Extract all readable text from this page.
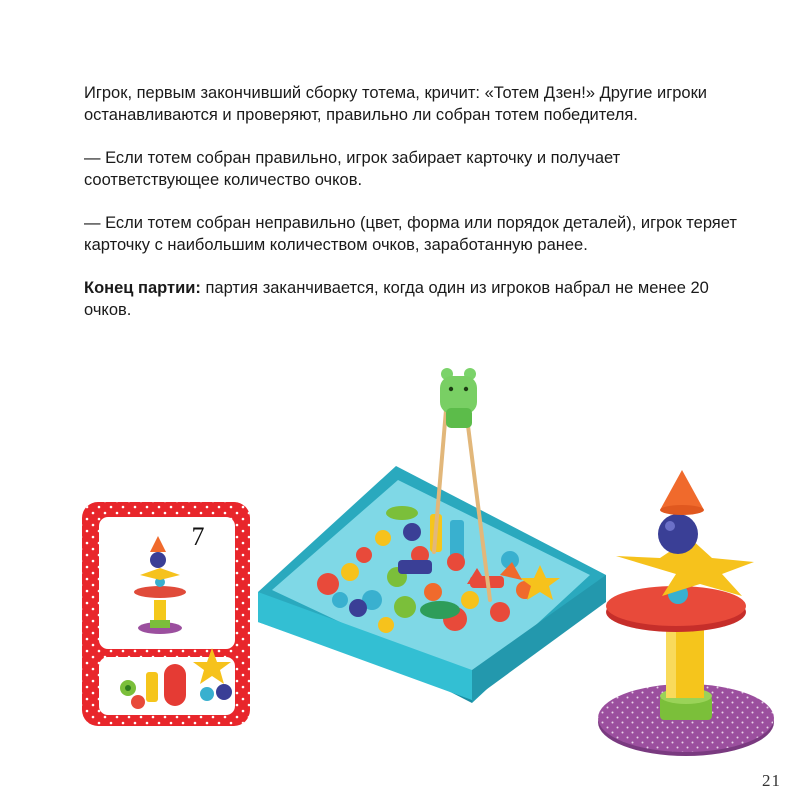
Игрок, первым закончивший сборку тотема, кричит: «Тотем Дзен!» Другие игроки останавливаются и проверяют, правильно ли собран тотем победителя.

— Если тотем собран правильно, игрок забирает карточку и получает соответствующее количество очков.

— Если тотем собран неправильно (цвет, форма или порядок деталей), игрок теряет карточку с наибольшим количеством очков, заработанную ранее.

Конец партии: партия заканчивается, когда один из игроков набрал не менее 20 очков.

7
21
